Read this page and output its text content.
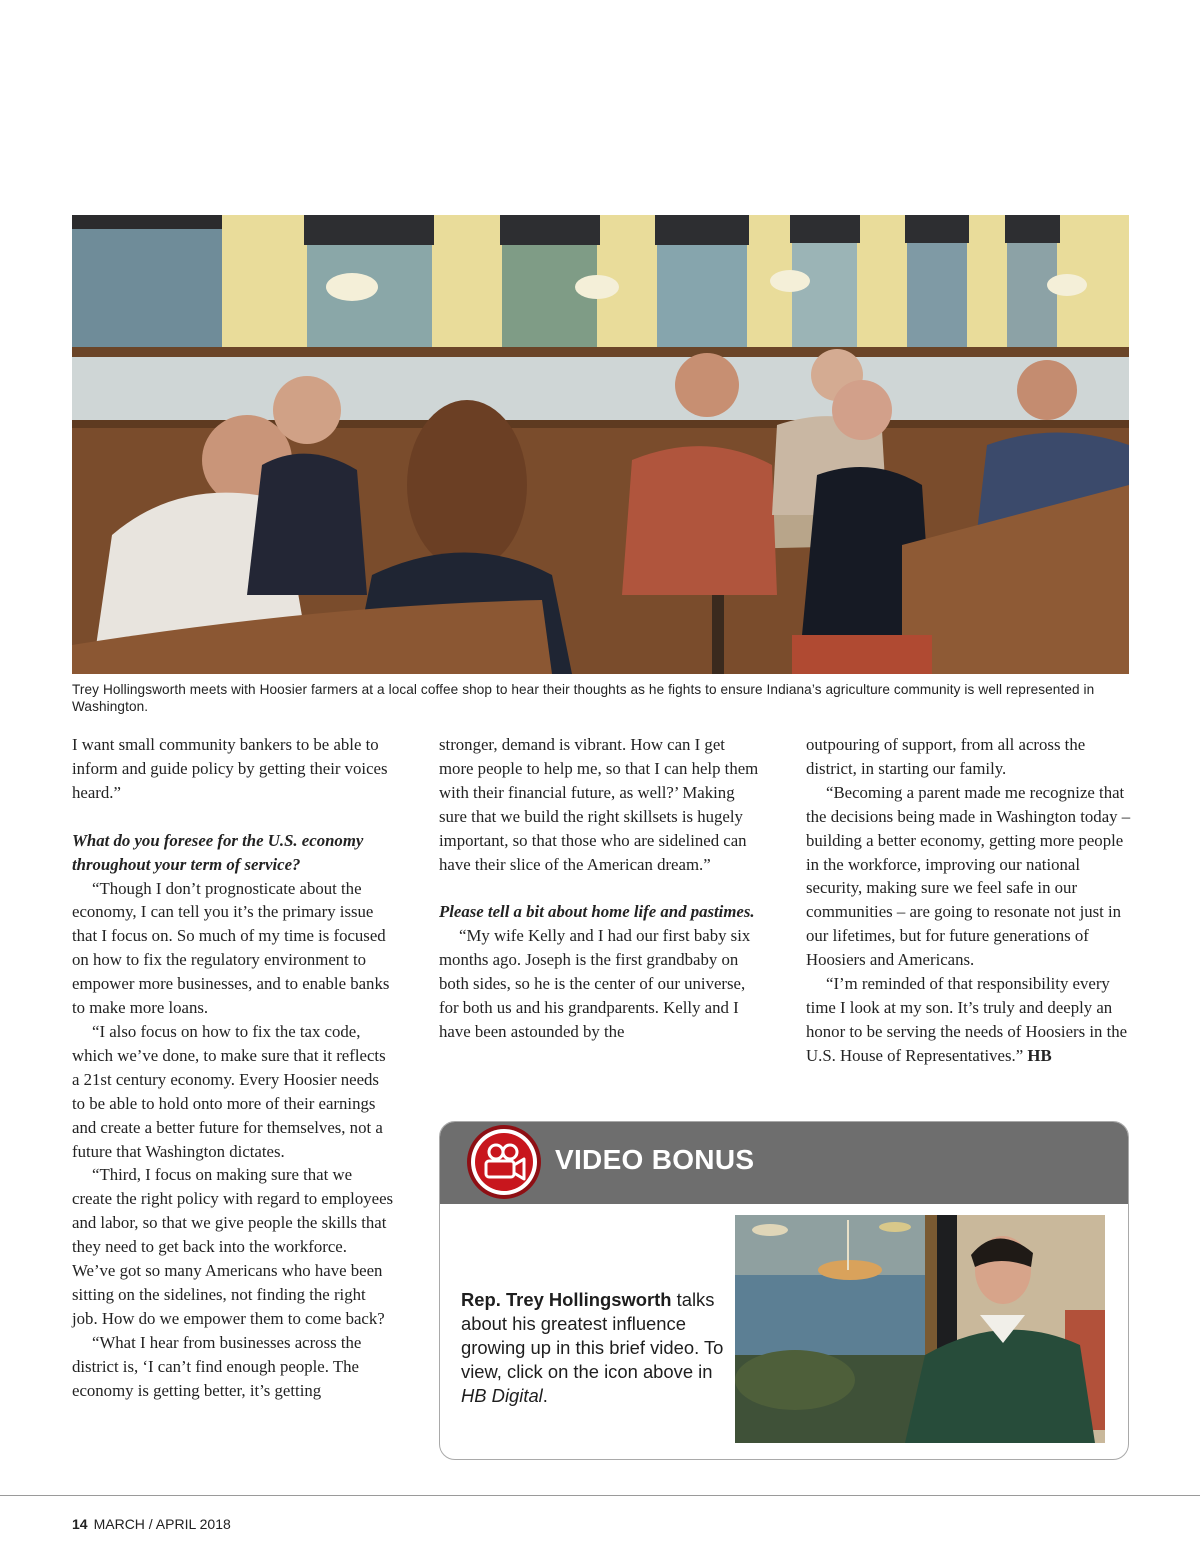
Trey Hollingsworth meets with Hoosier farmers at a local coffee shop to hear their thoughts as he fights to ensure Indiana’s agriculture community is well represented in Washington.

I want small community bankers to be able to inform and guide policy by getting their voices heard.”

What do you foresee for the U.S. economy throughout your term of service?

“Though I don’t prognosticate about the economy, I can tell you it’s the primary issue that I focus on. So much of my time is focused on how to fix the regulatory environment to empower more businesses, and to enable banks to make more loans.

“I also focus on how to fix the tax code, which we’ve done, to make sure that it reflects a 21st century economy. Every Hoosier needs to be able to hold onto more of their earnings and create a better future for themselves, not a future that Washington dictates.

“Third, I focus on making sure that we create the right policy with regard to employees and labor, so that we give people the skills that they need to get back into the workforce. We’ve got so many Americans who have been sitting on the sidelines, not finding the right job. How do we empower them to come back?

“What I hear from businesses across the district is, ‘I can’t find enough people. The economy is getting better, it’s getting

stronger, demand is vibrant. How can I get more people to help me, so that I can help them with their financial future, as well?’ Making sure that we build the right skillsets is hugely important, so that those who are sidelined can have their slice of the American dream.”

Please tell a bit about home life and pastimes.

“My wife Kelly and I had our first baby six months ago. Joseph is the first grandbaby on both sides, so he is the center of our universe, for both us and his grandparents. Kelly and I have been astounded by the

outpouring of support, from all across the district, in starting our family.

“Becoming a parent made me recognize that the decisions being made in Washington today – building a better economy, getting more people in the workforce, improving our national security, making sure we feel safe in our communities – are going to resonate not just in our lifetimes, but for future generations of Hoosiers and Americans.

“I’m reminded of that responsibility every time I look at my son. It’s truly and deeply an honor to be serving the needs of Hoosiers in the U.S. House of Representatives.” HB

VIDEO BONUS
Rep. Trey Hollingsworth talks about his greatest influence growing up in this brief video. To view, click on the icon above in HB Digital.
14 MARCH / APRIL 2018
